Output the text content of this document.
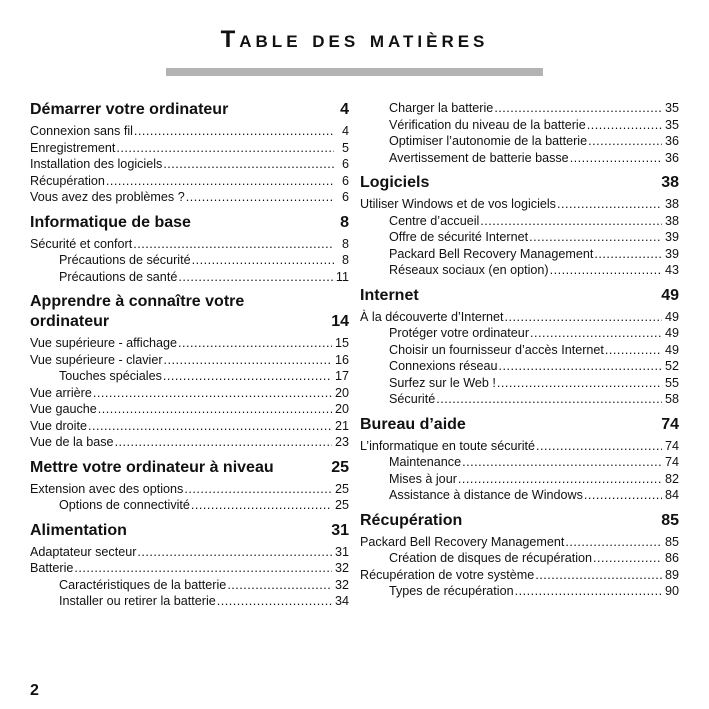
Table des matières
Démarrer votre ordinateur	4
Connexion sans fil .....	4
Enregistrement .....	5
Installation des logiciels .....	6
Récupération .....	6
Vous avez des problèmes ? .....	6
Informatique de base	8
Sécurité et confort .....	8
Précautions de sécurité .....	8
Précautions de santé .....	11
Apprendre à connaître votre ordinateur	14
Vue supérieure - affichage .....	15
Vue supérieure - clavier .....	16
Touches spéciales .....	17
Vue arrière .....	20
Vue gauche .....	20
Vue droite .....	21
Vue de la base .....	23
Mettre votre ordinateur à niveau	25
Extension avec des options .....	25
Options de connectivité .....	25
Alimentation	31
Adaptateur secteur .....	31
Batterie .....	32
Caractéristiques de la batterie .....	32
Installer ou retirer la batterie .....	34
Charger la batterie .....	35
Vérification du niveau de la batterie .....	35
Optimiser l’autonomie de la batterie .....	36
Avertissement de batterie basse .....	36
Logiciels	38
Utiliser Windows et de vos logiciels .....	38
Centre d’accueil .....	38
Offre de sécurité Internet .....	39
Packard Bell Recovery Management .....	39
Réseaux sociaux (en option) .....	43
Internet	49
À la découverte d’Internet .....	49
Protéger votre ordinateur .....	49
Choisir un fournisseur d’accès Internet .....	49
Connexions réseau .....	52
Surfez sur le Web ! .....	55
Sécurité .....	58
Bureau d’aide	74
L’informatique en toute sécurité .....	74
Maintenance .....	74
Mises à jour .....	82
Assistance à distance de Windows .....	84
Récupération	85
Packard Bell Recovery Management .....	85
Création de disques de récupération .....	86
Récupération de votre système .....	89
Types de récupération .....	90
2
